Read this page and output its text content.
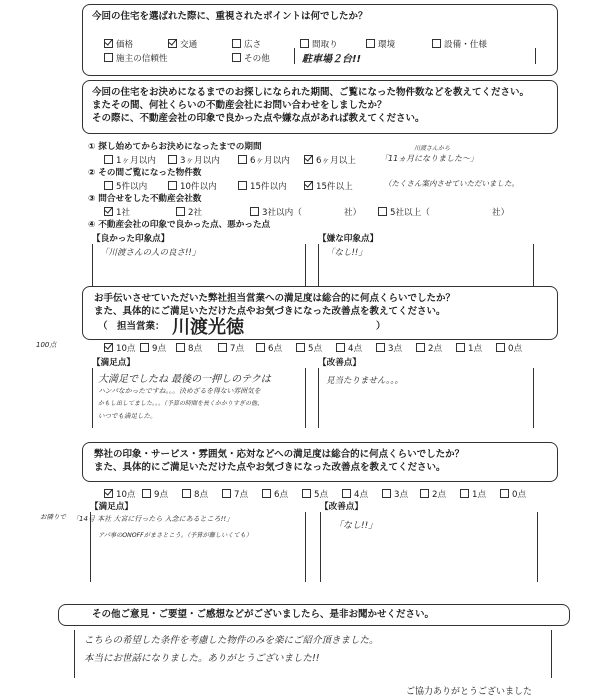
今回の住宅を選ばれた際に、重視されたポイントは何でしたか？
価格	交通	広さ	間取り	環境	設備・仕様
施主の信頼性	その他	駐車場２台!!
今回の住宅をお決めになるまでのお探しになられた期間、ご覧になった物件数などを教えてください。
またその間、何社くらいの不動産会社にお問い合わせをしましたか？
その際に、不動産会社の印象で良かった点や嫌な点があれば教えてください。
① 探し始めてからお決めになったまでの期間
1ヶ月以内	3ヶ月以内	6ヶ月以内	6ヶ月以上
川渡さんから
「11ヵ月になりました～」
② その間ご覧になった物件数
5件以内	10件以内	15件以内	15件以上	（たくさん案内させていただいました。
③ 問合せをした不動産会社数
1社	2社	3社以内（	社）	5社以上（	社）
④ 不動産会社の印象で良かった点、悪かった点
【良かった印象点】
「川渡さんの人の良さ!!」
【嫌な印象点】
「なし!!」
お手伝いさせていただいた弊社担当営業への満足度は総合的に何点くらいでしたか？
また、具体的にご満足いただけた点やお気づきになった改善点を教えてください。
（　担当営業： 川渡光徳	）
100点	10点	9点	8点	7点	6点	5点	4点	3点	2点	1点	0点
【満足点】
大満足でしたね 最後の一押しのテクは
ハンパなかったですね。。。決めざるを得ない雰囲気を
かもし出してました。。。（予算の時間を長くかかりすぎの他、
いつでも満足した。
【改善点】
見当たりません。。。
弊社の印象・サービス・雰囲気・応対などへの満足度は総合的に何点くらいでしたか？
また、具体的にご満足いただけた点やお気づきになった改善点を教えてください。
10点	9点	8点	7点	6点	5点	4点	3点	2点	1点	0点
お隣りで
【満足点】
「14号 本社 大宮に行ったら 入念にあるところ!!」
アパ事のONOFFがまさとこう。（予算が難しいくても）
【改善点】
「なし!!」
その他ご意見・ご要望・ご感想などがございましたら、是非お聞かせください。
こちらの希望した条件を考慮した物件のみを楽にご紹介頂きました。
本当にお世話になりました。ありがとうございました!!
ご協力ありがとうございました
